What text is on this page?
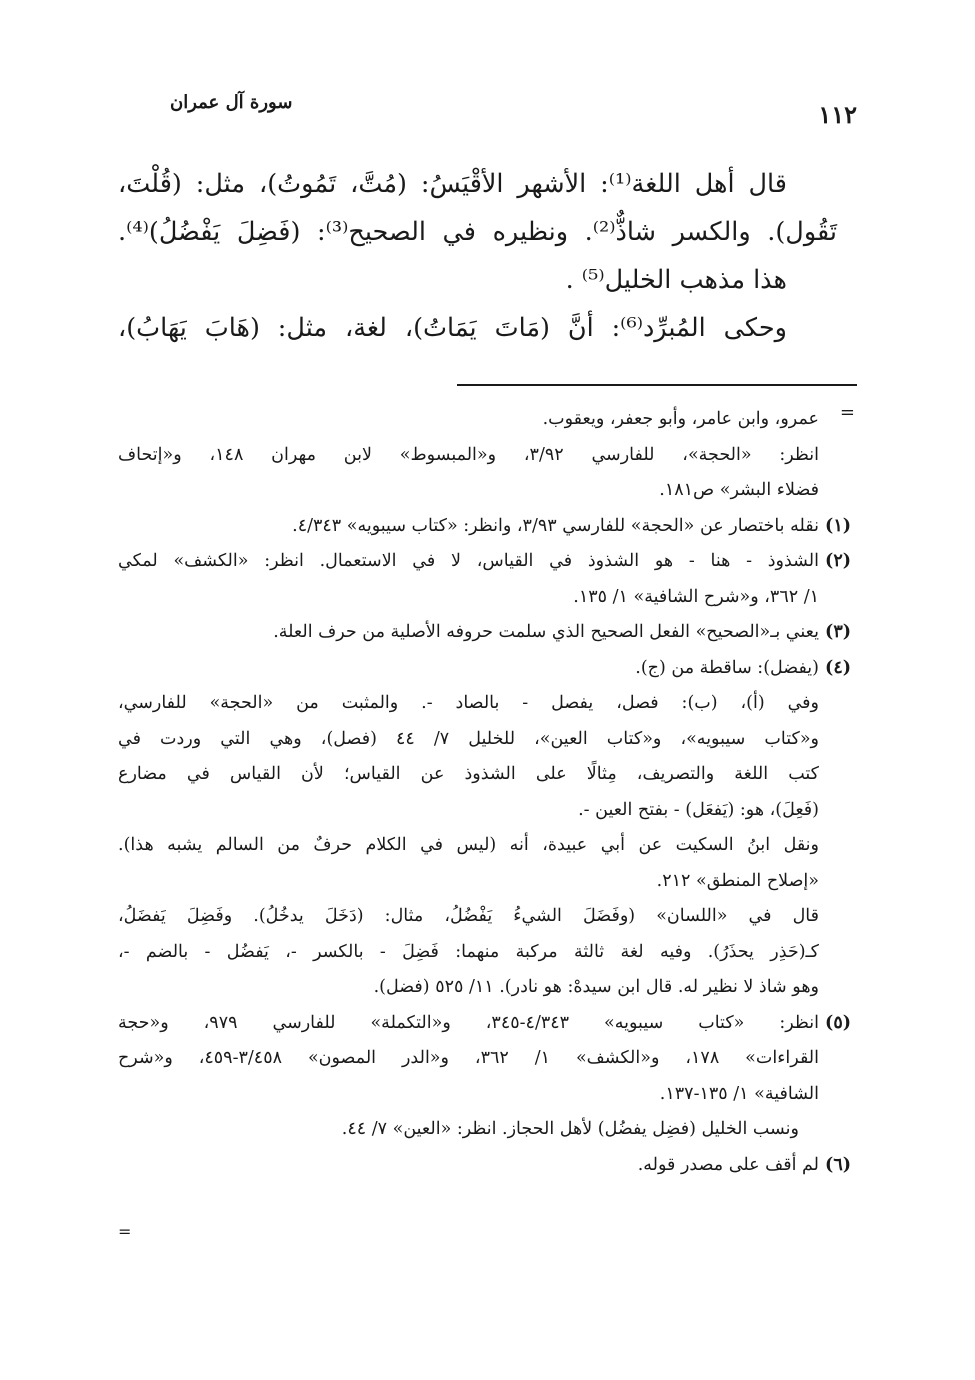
١١٢
سورة آل عمران
قال أهل اللغة⁽¹⁾: الأشهر الأقْيَسُ: (مُتَّ، تَمُوتُ)، مثل: (قُلْتَ،
تَقُول). والكسر شاذٌّ⁽²⁾. ونظيره في الصحيح⁽³⁾: (فَضِلَ يَفْضُلُ)⁽⁴⁾.
هذا مذهب الخليل⁽⁵⁾ .
وحكى المُبرِّد⁽⁶⁾: أنَّ (مَاتَ يَمَاتُ)، لغة، مثل: (هَابَ يَهَابُ)،
=
عمرو، وابن عامر، وأبو جعفر، ويعقوب.
انظر: «الحجة»، للفارسي ٣/٩٢، و«المبسوط» لابن مهران ١٤٨، و«إتحاف
فضلاء البشر» ص١٨١.
(١)نقله باختصار عن «الحجة» للفارسي ٣/٩٣، وانظر: «كتاب سيبويه» ٤/٣٤٣.
(٢)الشذوذ - هنا - هو الشذوذ في القياس، لا في الاستعمال. انظر: «الكشف» لمكي
١/ ٣٦٢، و«شرح الشافية» ١/ ١٣٥.
(٣)يعني بـ«الصحيح» الفعل الصحيح الذي سلمت حروفه الأصلية من حرف العلة.
(٤)(يفضل): ساقطة من (ج).
وفي (أ)، (ب): فصل، يفصل - بالصاد -. والمثبت من «الحجة» للفارسي،
و«كتاب سيبويه»، و«كتاب العين»، للخليل ٧/ ٤٤ (فصل)، وهي التي وردت في
كتب اللغة والتصريف، مِثالًا على الشذوذ عن القياس؛ لأن القياس في مضارع
(فَعِلَ)، هو: (يَفعَل) - بفتح العين -.
ونقل ابنُ السكيت عن أبي عبيدة، أنه (ليس في الكلام حرفٌ من السالم يشبه هذا).
«إصلاح المنطق» ٢١٢.
قال في «اللسان» (وفَضَلَ الشيءُ يَفْضُلُ، مثال: (دَخَلَ يدخُلُ). وفَضِلَ يَفضَلُ،
كـ(حَذِر يحذَرُ). وفيه لغة ثالثة مركبة منهما: فَضِلَ - بالكسر -، يَفضُل - بالضم -،
وهو شاذ لا نظير له. قال ابن سيدهْ: هو نادر). ١١/ ٥٢٥ (فضل).
(٥)انظر: «كتاب سيبويه» ٤/٣٤٣-٣٤٥، و«التكملة» للفارسي ٩٧٩، و«حجة
القراءات» ١٧٨، و«الكشف» ١/ ٣٦٢، و«الدر المصون» ٣/٤٥٨-٤٥٩، و«شرح
الشافية» ١/ ١٣٥-١٣٧.
ونسب الخليل (فضِل يفضُل) لأهل الحجاز. انظر: «العين» ٧/ ٤٤.
(٦)لم أقف على مصدر قوله.
=
